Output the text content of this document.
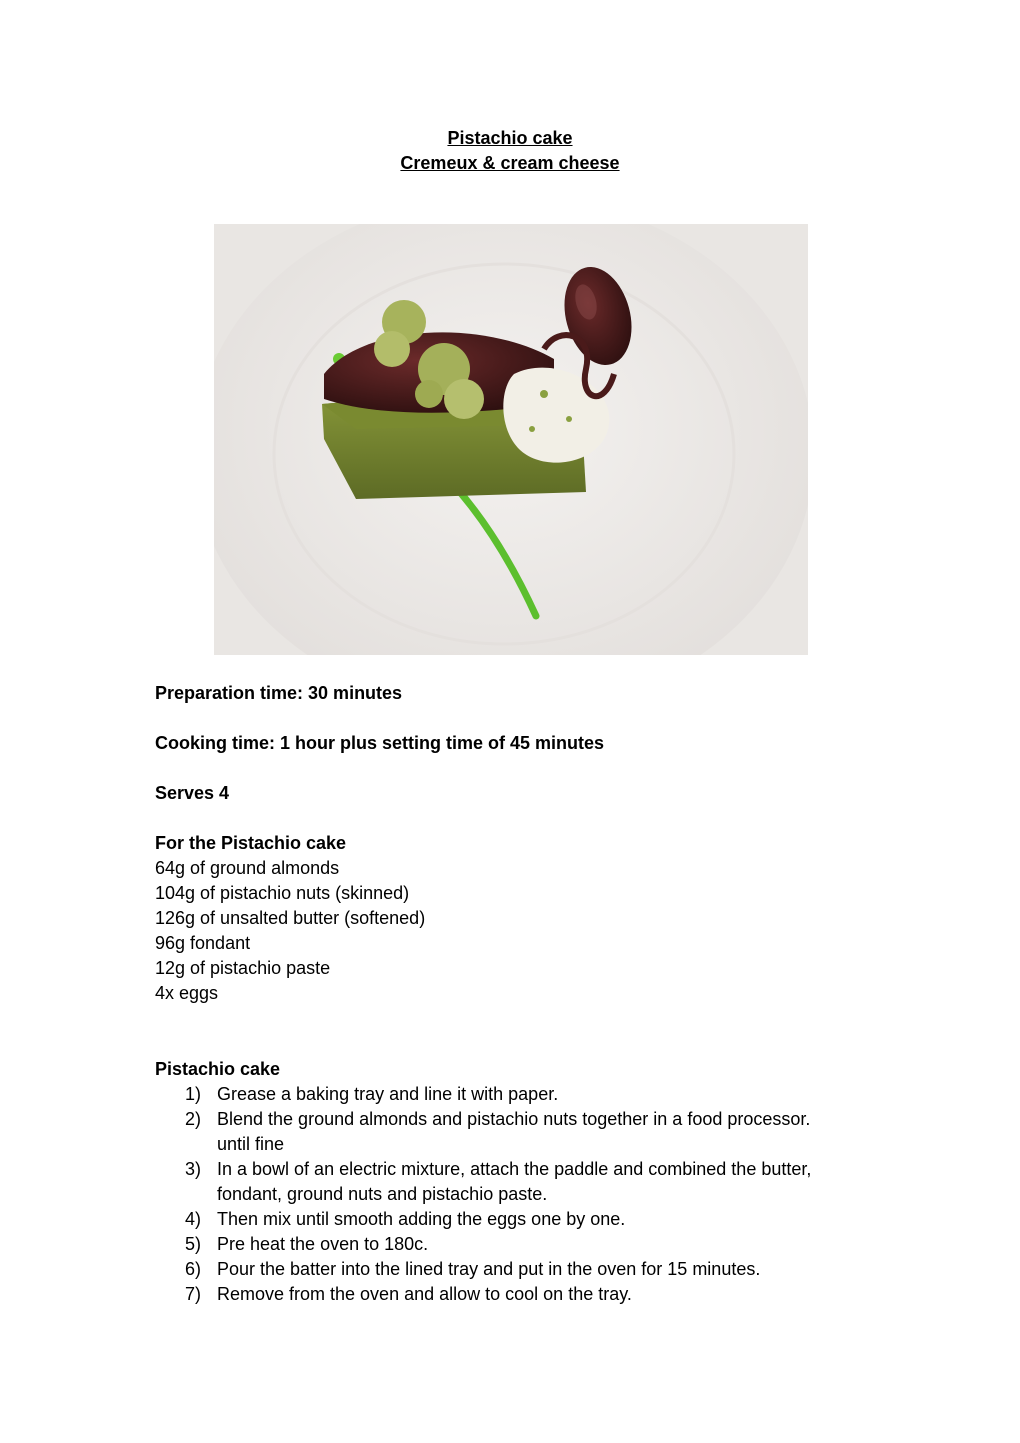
Pistachio cake
Cremeux & cream cheese
Preparation time: 30 minutes
Cooking time: 1 hour plus setting time of 45 minutes
Serves 4
For the Pistachio cake
64g of ground almonds
104g of pistachio nuts (skinned)
126g of unsalted butter (softened)
96g fondant
12g of pistachio paste
4x eggs
Pistachio cake
1) Grease a baking tray and line it with paper.
2) Blend the ground almonds and pistachio nuts together in a food processor.
until fine
3) In a bowl of an electric mixture, attach the paddle and combined the butter,
fondant, ground nuts and pistachio paste.
4) Then mix until smooth adding the eggs one by one.
5) Pre heat the oven to 180c.
6) Pour the batter into the lined tray and put in the oven for 15 minutes.
7) Remove from the oven and allow to cool on the tray.
